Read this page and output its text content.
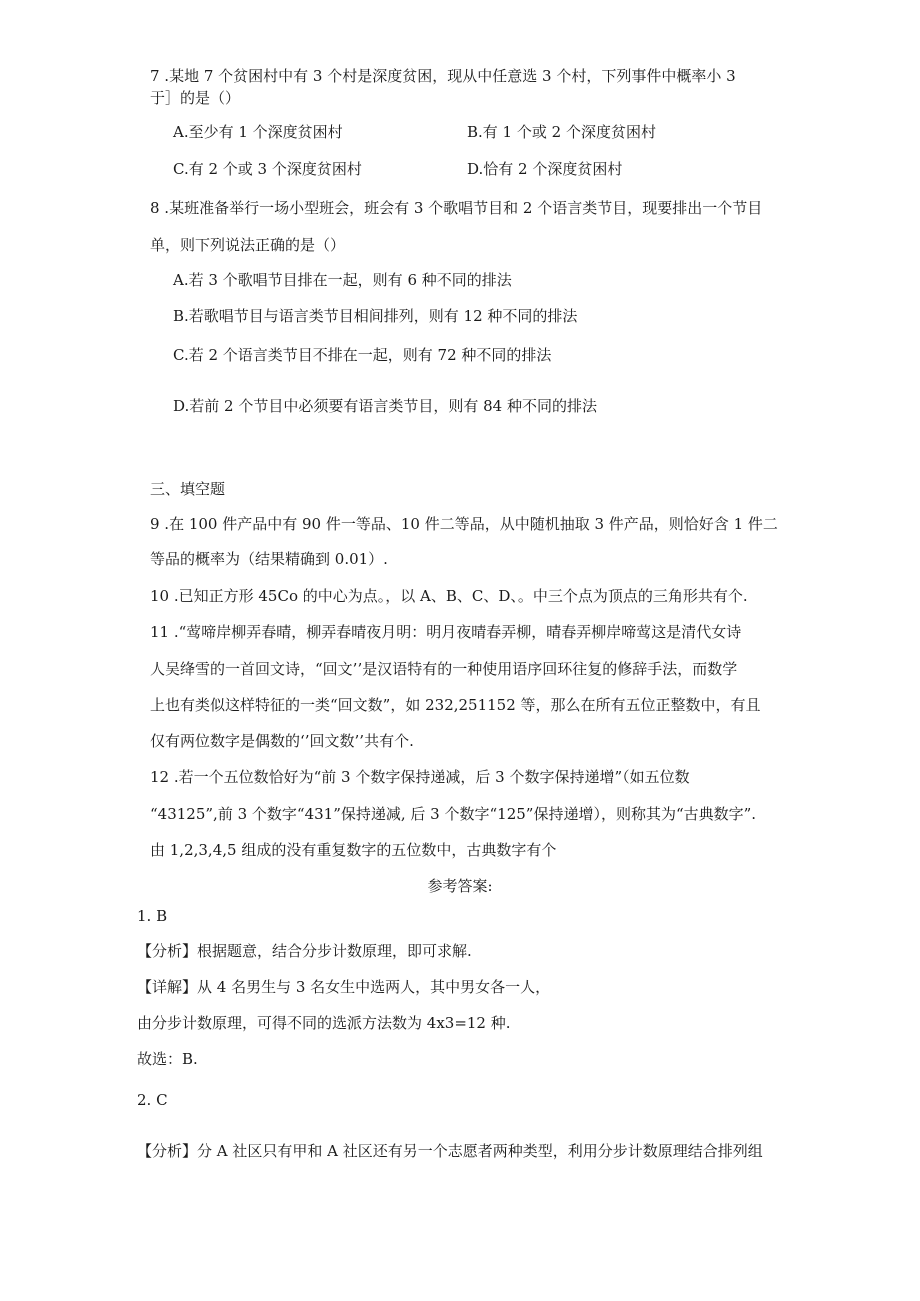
7 .某地 7 个贫困村中有 3 个村是深度贫困，现从中任意选 3 个村，下列事件中概率小 3
于］的是（）
A.至少有 1 个深度贫困村	B.有 1 个或 2 个深度贫困村
C.有 2 个或 3 个深度贫困村	D.恰有 2 个深度贫困村
8 .某班准备举行一场小型班会，班会有 3 个歌唱节目和 2 个语言类节目，现要排出一个节目
单，则下列说法正确的是（）
A.若 3 个歌唱节目排在一起，则有 6 种不同的排法
B.若歌唱节目与语言类节目相间排列，则有 12 种不同的排法
C.若 2 个语言类节目不排在一起，则有 72 种不同的排法
D.若前 2 个节目中必须要有语言类节目，则有 84 种不同的排法
三、填空题
9 .在 100 件产品中有 90 件一等品、10 件二等品，从中随机抽取 3 件产品，则恰好含 1 件二
等品的概率为（结果精确到 0.01）.
10 .已知正方形 45Co 的中心为点。，以 A、B、C、D、。中三个点为顶点的三角形共有个.
11 .“莺啼岸柳弄春晴，柳弄春晴夜月明：明月夜晴春弄柳，晴春弄柳岸啼莺这是清代女诗
人吴绛雪的一首回文诗，“回文’’是汉语特有的一种使用语序回环往复的修辞手法，而数学
上也有类似这样特征的一类“回文数”，如 232,251152 等，那么在所有五位正整数中，有且
仅有两位数字是偶数的‘’回文数’’共有个.
12 .若一个五位数恰好为“前 3 个数字保持递减，后 3 个数字保持递增”（如五位数
“43125”,前 3 个数字“431”保持递减, 后 3 个数字“125”保持递增），则称其为“古典数字”.
由 1,2,3,4,5 组成的没有重复数字的五位数中，古典数字有个
参考答案:
1. B
【分析】根据题意，结合分步计数原理，即可求解.
【详解】从 4 名男生与 3 名女生中选两人，其中男女各一人，
由分步计数原理，可得不同的选派方法数为 4x3=12 种.
故选：B.
2. C
【分析】分 A 社区只有甲和 A 社区还有另一个志愿者两种类型，利用分步计数原理结合排列组
